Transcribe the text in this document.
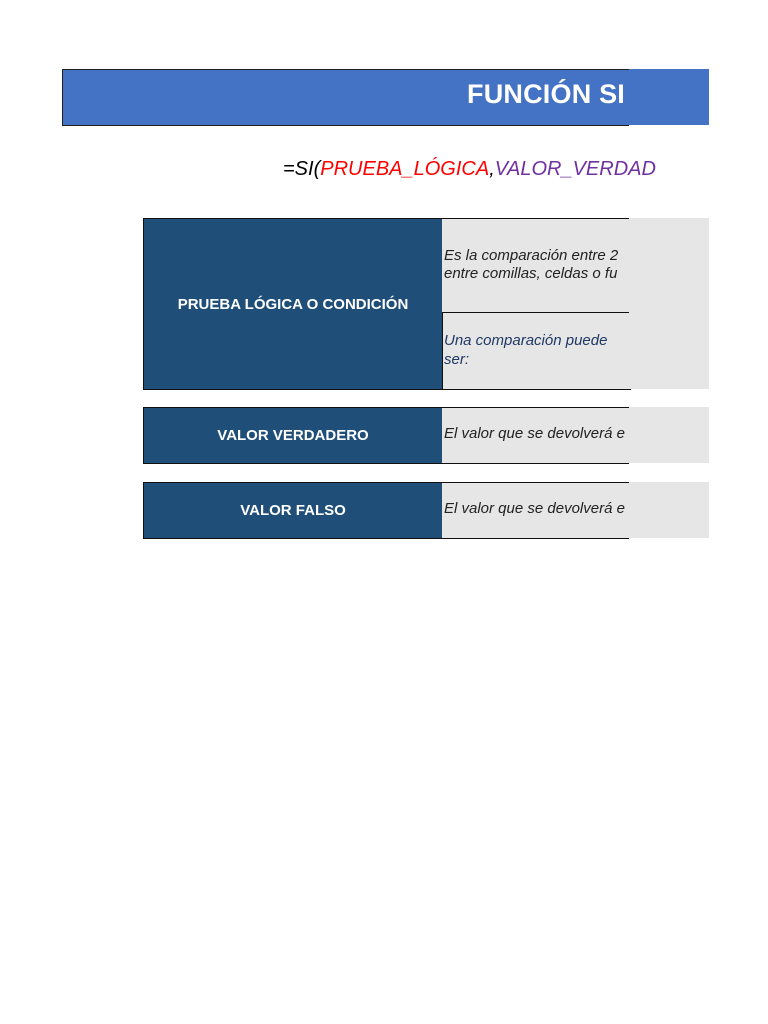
FUNCIÓN SI
=SI(PRUEBA_LÓGICA,VALOR_VERDAD
PRUEBA LÓGICA O CONDICIÓN
Es la comparación entre 2
entre comillas, celdas o fu
Una comparación puede ser:
VALOR VERDADERO	El valor que se devolverá e
VALOR FALSO	El valor que se devolverá e
